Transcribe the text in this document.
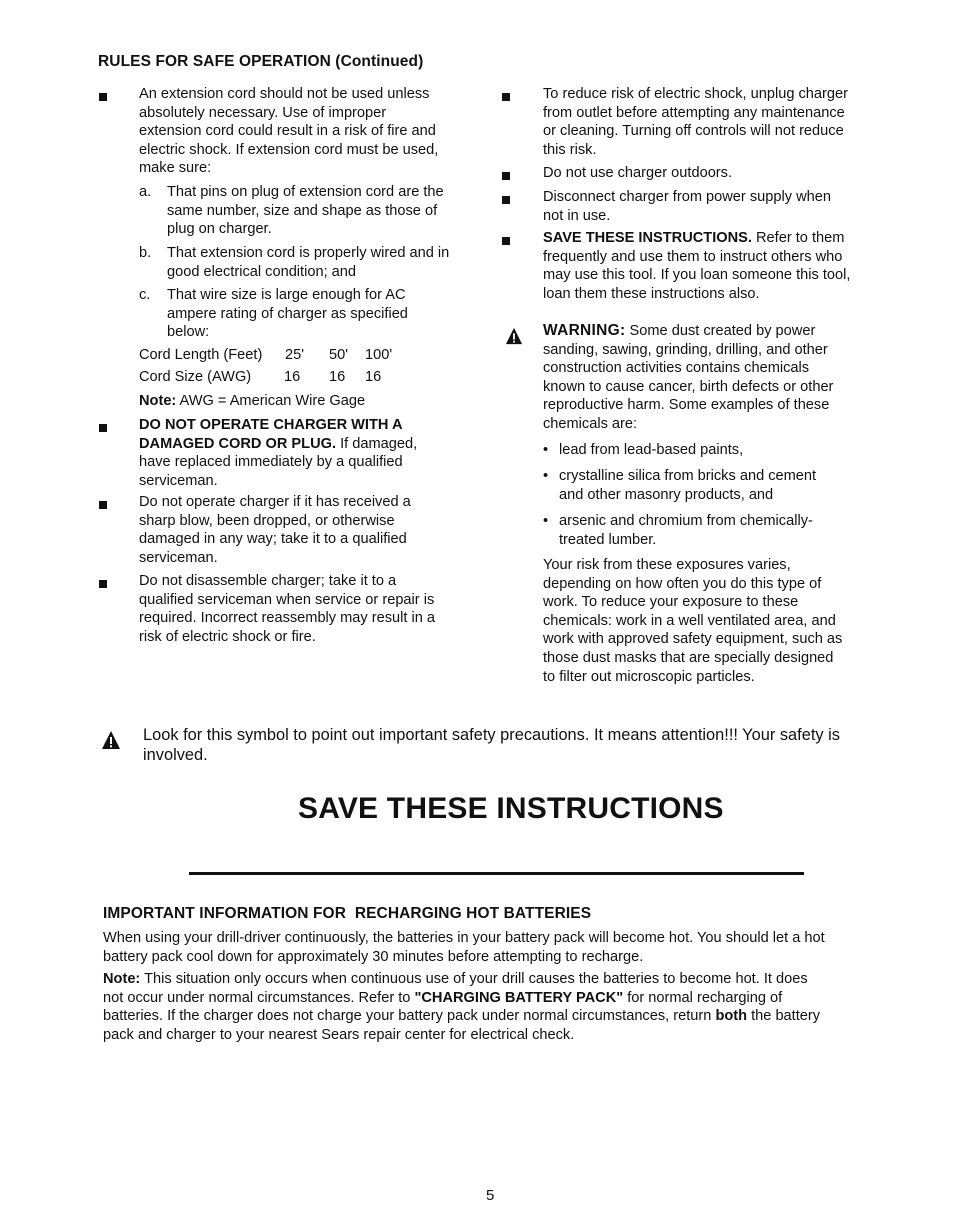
RULES FOR SAFE OPERATION (Continued)
An extension cord should not be used unless
absolutely necessary. Use of improper
extension cord could result in a risk of fire and
electric shock. If extension cord must be used,
make sure:
a. That pins on plug of extension cord are the
same number, size and shape as those of
plug on charger.
b. That extension cord is properly wired and in
good electrical condition; and
c. That wire size is large enough for AC
ampere rating of charger as specified
below:
Cord Length (Feet) 25' 50' 100'
Cord Size (AWG) 16 16 16
Note: AWG = American Wire Gage
DO NOT OPERATE CHARGER WITH A
DAMAGED CORD OR PLUG. If damaged,
have replaced immediately by a qualified
serviceman.
Do not operate charger if it has received a
sharp blow, been dropped, or otherwise
damaged in any way; take it to a qualified
serviceman.
Do not disassemble charger; take it to a
qualified serviceman when service or repair is
required. Incorrect reassembly may result in a
risk of electric shock or fire.
To reduce risk of electric shock, unplug charger
from outlet before attempting any maintenance
or cleaning. Turning off controls will not reduce
this risk.
Do not use charger outdoors.
Disconnect charger from power supply when
not in use.
SAVE THESE INSTRUCTIONS. Refer to them
frequently and use them to instruct others who
may use this tool. If you loan someone this tool,
loan them these instructions also.
WARNING: Some dust created by power
sanding, sawing, grinding, drilling, and other
construction activities contains chemicals
known to cause cancer, birth defects or other
reproductive harm. Some examples of these
chemicals are:
• lead from lead-based paints,
• crystalline silica from bricks and cement
and other masonry products, and
• arsenic and chromium from chemically-
treated lumber.
Your risk from these exposures varies,
depending on how often you do this type of
work. To reduce your exposure to these
chemicals: work in a well ventilated area, and
work with approved safety equipment, such as
those dust masks that are specially designed
to filter out microscopic particles.
Look for this symbol to point out important safety precautions. It means attention!!! Your safety is
involved.
SAVE THESE INSTRUCTIONS
IMPORTANT INFORMATION FOR  RECHARGING HOT BATTERIES
When using your drill-driver continuously, the batteries in your battery pack will become hot. You should let a hot
battery pack cool down for approximately 30 minutes before attempting to recharge.
Note: This situation only occurs when continuous use of your drill causes the batteries to become hot. It does
not occur under normal circumstances. Refer to "CHARGING BATTERY PACK" for normal recharging of
batteries. If the charger does not charge your battery pack under normal circumstances, return both the battery
pack and charger to your nearest Sears repair center for electrical check.
5
